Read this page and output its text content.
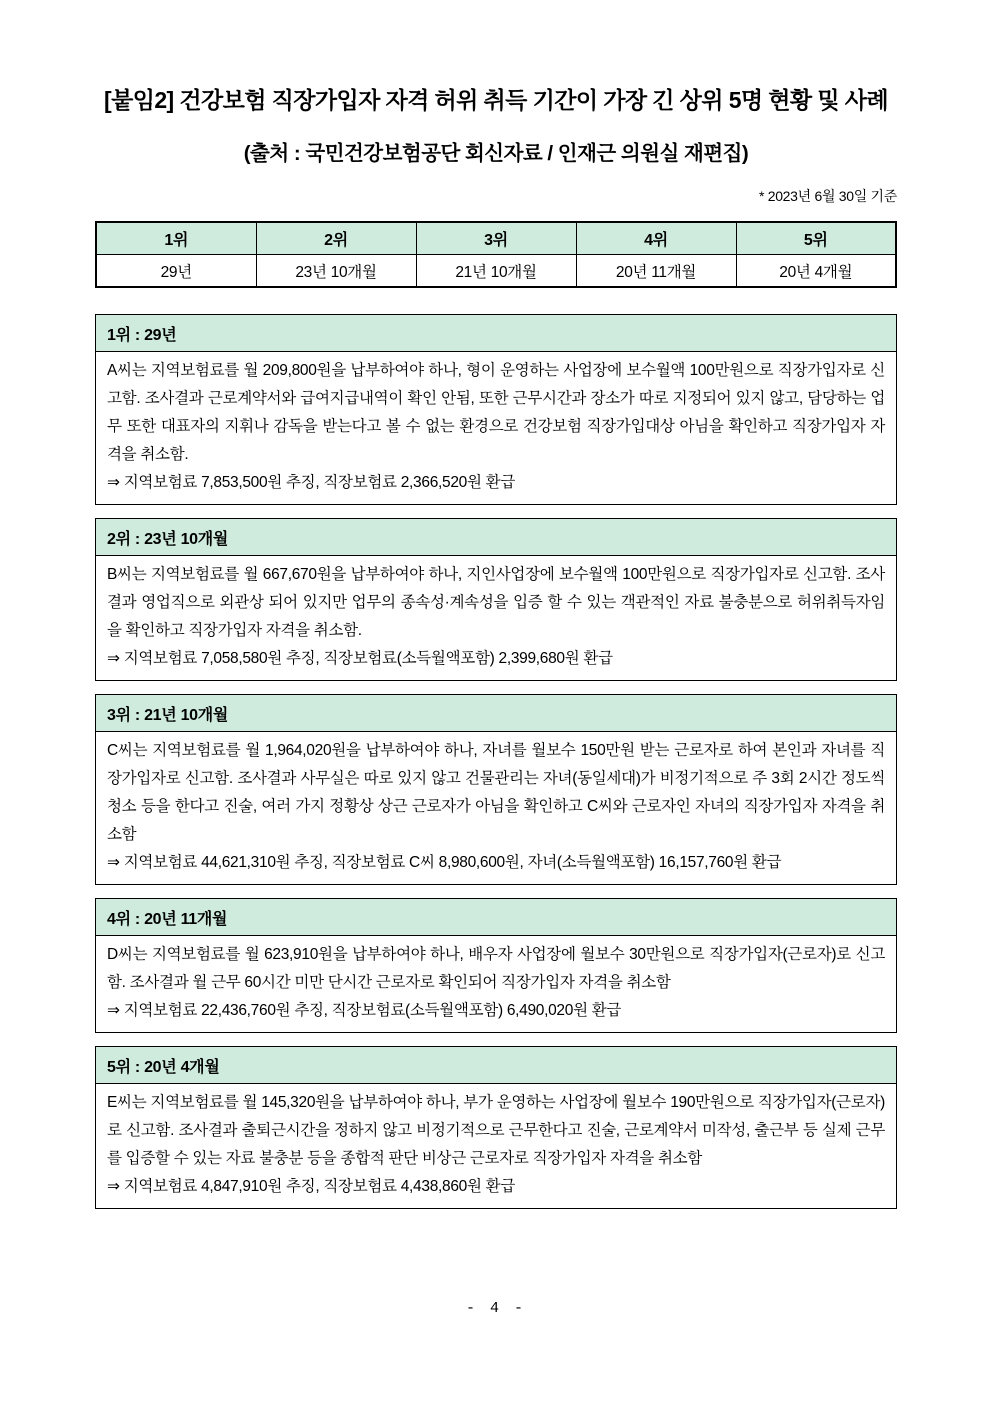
[붙임2] 건강보험 직장가입자 자격 허위 취득 기간이 가장 긴 상위 5명 현황 및 사례
(출처 : 국민건강보험공단 회신자료 / 인재근 의원실 재편집)
* 2023년 6월 30일 기준
1위	2위	3위	4위	5위
29년	23년 10개월	21년 10개월	20년 11개월	20년 4개월
1위 : 29년

A씨는 지역보험료를 월 209,800원을 납부하여야 하나, 형이 운영하는 사업장에 보수월액 100만원으로 직장가입자로 신고함. 조사결과 근로계약서와 급여지급내역이 확인 안됨, 또한 근무시간과 장소가 따로 지정되어 있지 않고, 담당하는 업무 또한 대표자의 지휘나 감독을 받는다고 볼 수 없는 환경으로 건강보험 직장가입대상 아님을 확인하고 직장가입자 자격을 취소함.

⇒ 지역보험료 7,853,500원 추징, 직장보험료 2,366,520원 환급

2위 : 23년 10개월

B씨는 지역보험료를 월 667,670원을 납부하여야 하나, 지인사업장에 보수월액 100만원으로 직장가입자로 신고함. 조사결과 영업직으로 외관상 되어 있지만 업무의 종속성·계속성을 입증 할 수 있는 객관적인 자료 불충분으로 허위취득자임을 확인하고 직장가입자 자격을 취소함.

⇒ 지역보험료 7,058,580원 추징, 직장보험료(소득월액포함) 2,399,680원 환급

3위 : 21년 10개월

C씨는 지역보험료를 월 1,964,020원을 납부하여야 하나, 자녀를 월보수 150만원 받는 근로자로 하여 본인과 자녀를 직장가입자로 신고함. 조사결과 사무실은 따로 있지 않고 건물관리는 자녀(동일세대)가 비정기적으로 주 3회 2시간 정도씩 청소 등을 한다고 진술, 여러 가지 정황상 상근 근로자가 아님을 확인하고 C씨와 근로자인 자녀의 직장가입자 자격을 취소함

⇒ 지역보험료 44,621,310원 추징, 직장보험료 C씨 8,980,600원, 자녀(소득월액포함) 16,157,760원 환급

4위 : 20년 11개월

D씨는 지역보험료를 월 623,910원을 납부하여야 하나, 배우자 사업장에 월보수 30만원으로 직장가입자(근로자)로 신고함. 조사결과 월 근무 60시간 미만 단시간 근로자로 확인되어 직장가입자 자격을 취소함

⇒ 지역보험료 22,436,760원 추징, 직장보험료(소득월액포함) 6,490,020원 환급

5위 : 20년 4개월

E씨는 지역보험료를 월 145,320원을 납부하여야 하나, 부가 운영하는 사업장에 월보수 190만원으로 직장가입자(근로자)로 신고함. 조사결과 출퇴근시간을 정하지 않고 비정기적으로 근무한다고 진술, 근로계약서 미작성, 출근부 등 실제 근무를 입증할 수 있는 자료 불충분 등을 종합적 판단 비상근 근로자로 직장가입자 자격을 취소함

⇒ 지역보험료 4,847,910원 추징, 직장보험료 4,438,860원 환급

- 4 -
